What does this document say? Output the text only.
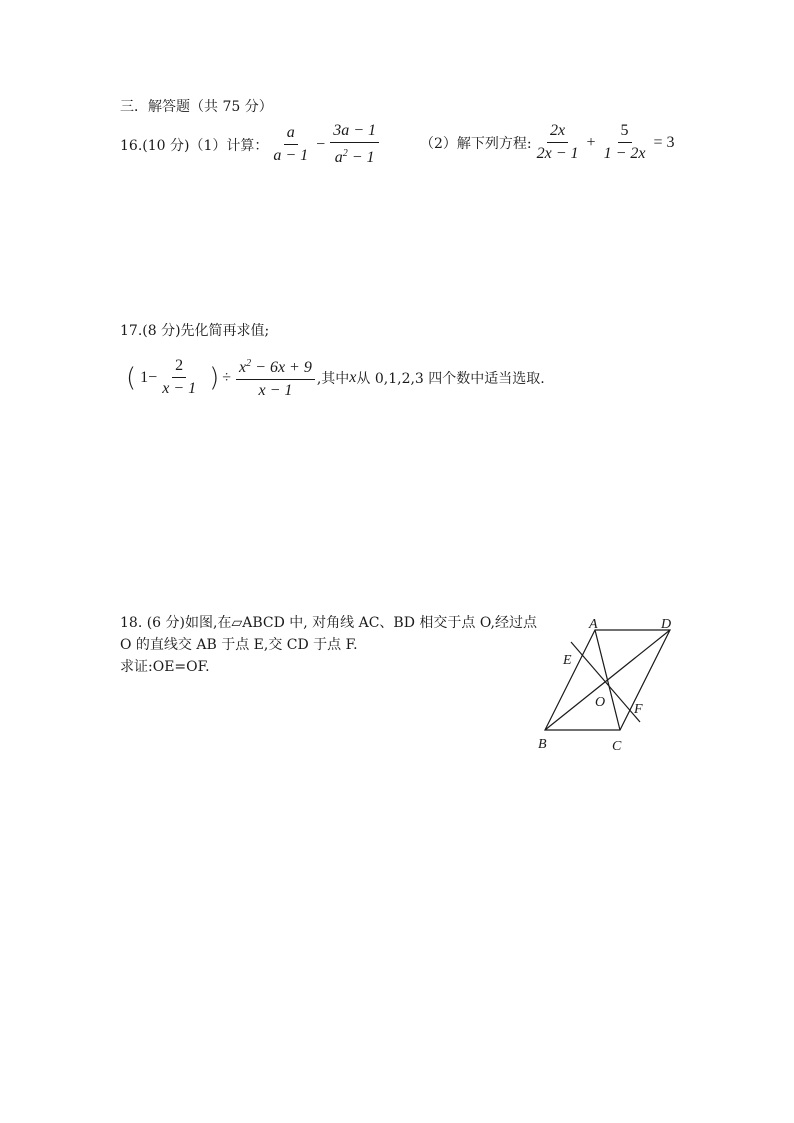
三．解答题（共 75 分）
16.(10 分)（1）计算： $\frac{a}{a - 1} - \frac{3a - 1}{a^2 - 1}$	（2）解下列方程: $\frac{2x}{2x - 1} + \frac{5}{1 - 2x} = 3$
17.(8 分)先化简再求值;
( $1- \frac{2}{x - 1}$ ) ÷ $\frac{x^2 - 6x + 9}{x - 1}$ ,其中 x 从 0,1,2,3 四个数中适当选取.
18. (6 分)如图,在▱ABCD 中, 对角线 AC、BD 相交于点 O,经过点
O 的直线交 AB 于点 E,交 CD 于点 F.
求证:OE=OF.
A	D
B	C
E
F
O
